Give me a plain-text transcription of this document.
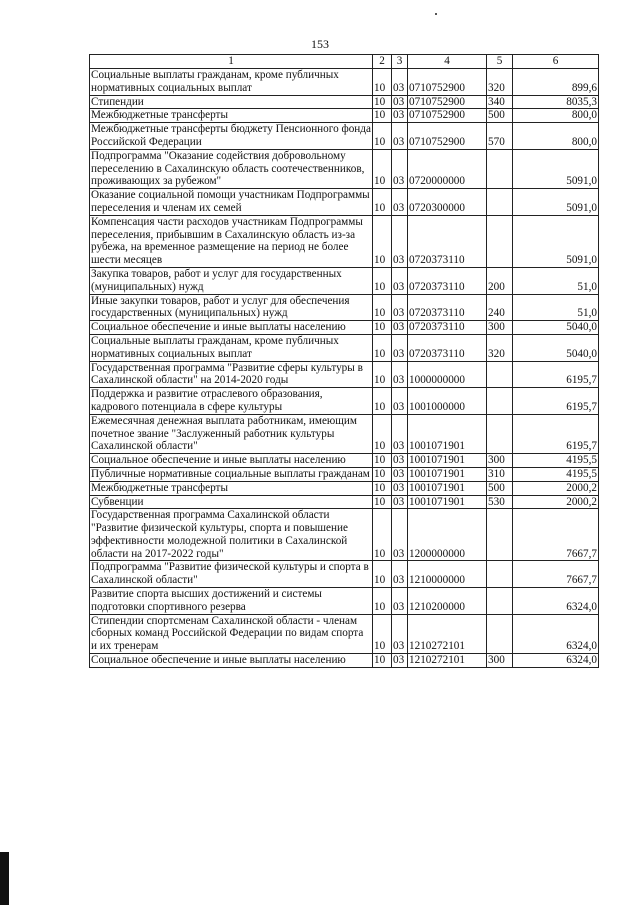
153
1	2	3	4	5	6
Социальные выплаты гражданам, кроме публичных нормативных социальных выплат	10	03	0710752900	320	899,6
Стипендии	10	03	0710752900	340	8035,3
Межбюджетные трансферты	10	03	0710752900	500	800,0
Межбюджетные трансферты бюджету Пенсионного фонда Российской Федерации	10	03	0710752900	570	800,0
Подпрограмма "Оказание содействия добровольному переселению в Сахалинскую область соотечественников, проживающих за рубежом"	10	03	0720000000		5091,0
Оказание социальной помощи участникам Подпрограммы переселения и членам их семей	10	03	0720300000		5091,0
Компенсация части расходов участникам Подпрограммы переселения, прибывшим в Сахалинскую область из-за рубежа, на временное размещение на период не более шести месяцев	10	03	0720373110		5091,0
Закупка товаров, работ и услуг для государственных (муниципальных) нужд	10	03	0720373110	200	51,0
Иные закупки товаров, работ и услуг для обеспечения государственных (муниципальных) нужд	10	03	0720373110	240	51,0
Социальное обеспечение и иные выплаты населению	10	03	0720373110	300	5040,0
Социальные выплаты гражданам, кроме публичных нормативных социальных выплат	10	03	0720373110	320	5040,0
Государственная программа "Развитие сферы культуры в Сахалинской области" на 2014-2020 годы	10	03	1000000000		6195,7
Поддержка и развитие отраслевого образования, кадрового потенциала в сфере культуры	10	03	1001000000		6195,7
Ежемесячная денежная выплата работникам, имеющим почетное звание "Заслуженный работник культуры Сахалинской области"	10	03	1001071901		6195,7
Социальное обеспечение и иные выплаты населению	10	03	1001071901	300	4195,5
Публичные нормативные социальные выплаты гражданам	10	03	1001071901	310	4195,5
Межбюджетные трансферты	10	03	1001071901	500	2000,2
Субвенции	10	03	1001071901	530	2000,2
Государственная программа Сахалинской области "Развитие физической культуры, спорта и повышение эффективности молодежной политики в Сахалинской области на 2017-2022 годы"	10	03	1200000000		7667,7
Подпрограмма "Развитие физической культуры и спорта в Сахалинской области"	10	03	1210000000		7667,7
Развитие спорта высших достижений и системы подготовки спортивного резерва	10	03	1210200000		6324,0
Стипендии спортсменам Сахалинской области - членам сборных команд Российской Федерации по видам спорта и их тренерам	10	03	1210272101		6324,0
Социальное обеспечение и иные выплаты населению	10	03	1210272101	300	6324,0
